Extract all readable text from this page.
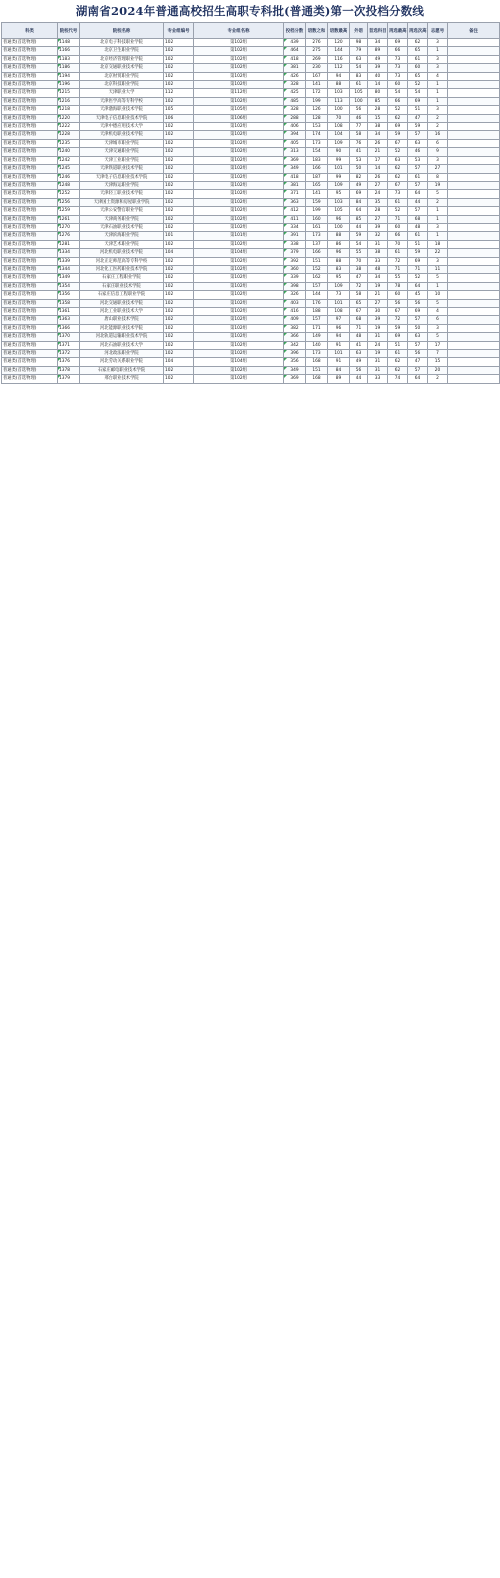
湖南省2024年普通高校招生高职专科批(普通类)第一次投档分数线
科类	院校代号	院校名称	专业组编号	专业组名称	投档分数	语数之和	语数最高	外语	首选科目	再选最高	再选次高	志愿号	备注
普通类(首选物理)	1148	北京电子科技职业学院	102	第102组	439	276	120	98	34	69	62	3	
普通类(首选物理)	1166	北京卫生职业学院	102	第102组	464	275	144	79	89	66	65	1	
普通类(首选物理)	1183	北京经济管理职业学院	102	第102组	418	269	116	63	49	73	61	3	
普通类(首选物理)	1186	北京交通职业技术学院	102	第102组	381	230	112	54	39	73	60	3	
普通类(首选物理)	1194	北京财贸职业学院	102	第102组	426	167	94	83	40	73	65	4	
普通类(首选物理)	1196	北京科技职业学院	102	第102组	328	141	88	61	14	60	52	1	
普通类(首选物理)	1215	天津职业大学	112	第112组	425	172	103	105	80	54	54	1	
普通类(首选物理)	1216	天津医学高等专科学校	102	第102组	485	199	113	100	85	66	69	1	
普通类(首选物理)	1218	天津渤海职业技术学院	105	第105组	328	126	100	56	28	52	51	3	
普通类(首选物理)	1220	天津电子信息职业技术学院	106	第106组	288	128	70	46	15	62	47	2	
普通类(首选物理)	1222	天津中德应用技术大学	102	第102组	406	153	108	77	38	69	59	2	
普通类(首选物理)	1228	天津机电职业技术学院	102	第102组	394	174	104	58	34	59	57	16	
普通类(首选物理)	1235	天津城市职业学院	102	第102组	405	173	109	76	26	67	63	6	
普通类(首选物理)	1240	天津交通职业学院	102	第102组	313	154	90	41	21	52	46	9	
普通类(首选物理)	1242	天津工业职业学院	102	第102组	369	183	99	53	17	63	53	3	
普通类(首选物理)	1245	天津铁道职业技术学院	102	第102组	349	166	101	50	14	62	57	27	
普通类(首选物理)	1246	天津电子信息职业技术学院	102	第102组	418	187	99	82	26	62	61	8	
普通类(首选物理)	1248	天津海运职业学院	102	第102组	381	165	109	49	27	67	57	19	
普通类(首选物理)	1252	天津轻工职业技术学院	102	第102组	371	141	95	69	24	73	64	5	
普通类(首选物理)	1256	天津国土资源和房屋职业学院	102	第102组	363	159	103	84	35	61	44	2	
普通类(首选物理)	1259	天津公安警官职业学院	102	第102组	412	199	105	64	28	52	57	1	
普通类(首选物理)	1261	天津商务职业学院	102	第102组	411	160	96	85	27	71	68	1	
普通类(首选物理)	1270	天津石油职业技术学院	102	第102组	334	161	100	44	39	60	48	3	
普通类(首选物理)	1276	天津滨海职业学院	101	第101组	391	173	88	59	32	66	61	1	
普通类(首选物理)	1281	天津艺术职业学院	102	第102组	338	137	86	54	31	70	51	18	
普通类(首选物理)	1334	河北机电职业技术学院	104	第104组	379	166	96	55	38	61	59	22	
普通类(首选物理)	1339	河北正定师范高等专科学校	102	第102组	392	151	88	70	33	72	69	3	
普通类(首选物理)	1344	河北化工医药职业技术学院	102	第102组	360	152	83	38	48	71	71	11	
普通类(首选物理)	1349	石家庄工程职业学院	102	第102组	339	162	95	47	34	55	52	5	
普通类(首选物理)	1354	石家庄职业技术学院	102	第102组	398	157	109	72	19	78	64	1	
普通类(首选物理)	1356	石家庄信息工程职业学院	102	第102组	326	144	73	58	21	60	45	10	
普通类(首选物理)	1358	河北交通职业技术学院	102	第102组	403	176	101	65	27	56	56	5	
普通类(首选物理)	1361	河北工业职业技术大学	102	第102组	416	188	108	67	30	67	69	4	
普通类(首选物理)	1363	唐山职业技术学院	102	第102组	409	157	97	68	39	72	57	6	
普通类(首选物理)	1366	河北能源职业技术学院	102	第102组	382	171	96	71	19	59	50	3	
普通类(首选物理)	1370	河北轨道运输职业技术学院	102	第102组	366	149	94	48	31	69	63	5	
普通类(首选物理)	1371	河北石油职业技术大学	102	第102组	342	140	91	41	24	51	57	17	
普通类(首选物理)	1372	河北政法职业学院	102	第102组	396	173	101	63	19	61	56	7	
普通类(首选物理)	1376	河北劳动关系职业学院	104	第104组	356	168	91	49	31	62	47	15	
普通类(首选物理)	1378	石家庄邮电职业技术学院	102	第102组	349	151	84	56	31	62	57	20	
普通类(首选物理)	1379	邢台职业技术学院	102	第102组	369	168	89	44	33	74	64	2	
